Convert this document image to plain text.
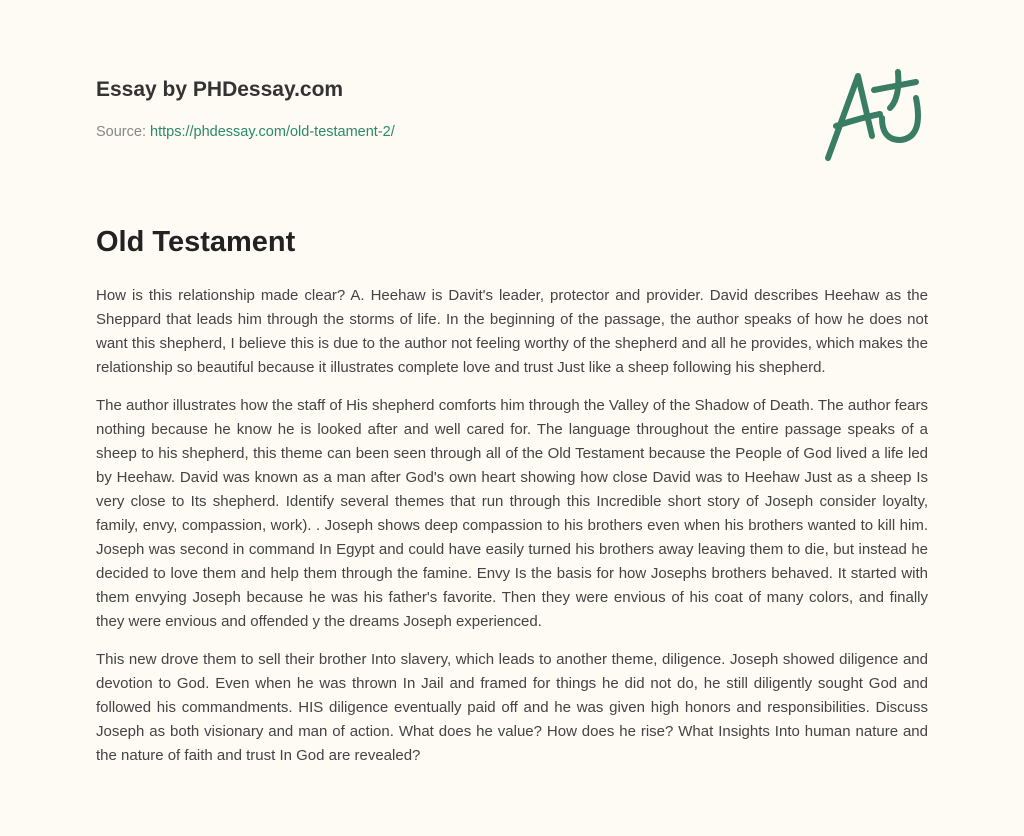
Essay by PHDessay.com
Source: https://phdessay.com/old-testament-2/
Old Testament

How is this relationship made clear? A. Heehaw is Davit's leader, protector and provider. David describes Heehaw as the Sheppard that leads him through the storms of life. In the beginning of the passage, the author speaks of how he does not want this shepherd, I believe this is due to the author not feeling worthy of the shepherd and all he provides, which makes the relationship so beautiful because it illustrates complete love and trust Just like a sheep following his shepherd.

The author illustrates how the staff of His shepherd comforts him through the Valley of the Shadow of Death. The author fears nothing because he know he is looked after and well cared for. The language throughout the entire passage speaks of a sheep to his shepherd, this theme can been seen through all of the Old Testament because the People of God lived a life led by Heehaw. David was known as a man after God's own heart showing how close David was to Heehaw Just as a sheep Is very close to Its shepherd. Identify several themes that run through this Incredible short story of Joseph consider loyalty, family, envy, compassion, work). . Joseph shows deep compassion to his brothers even when his brothers wanted to kill him. Joseph was second in command In Egypt and could have easily turned his brothers away leaving them to die, but instead he decided to love them and help them through the famine. Envy Is the basis for how Josephs brothers behaved. It started with them envying Joseph because he was his father's favorite. Then they were envious of his coat of many colors, and finally they were envious and offended y the dreams Joseph experienced.

This new drove them to sell their brother Into slavery, which leads to another theme, diligence. Joseph showed diligence and devotion to God. Even when he was thrown In Jail and framed for things he did not do, he still diligently sought God and followed his commandments. HIS diligence eventually paid off and he was given high honors and responsibilities. Discuss Joseph as both visionary and man of action. What does he value? How does he rise? What Insights Into human nature and the nature of faith and trust In God are revealed?
